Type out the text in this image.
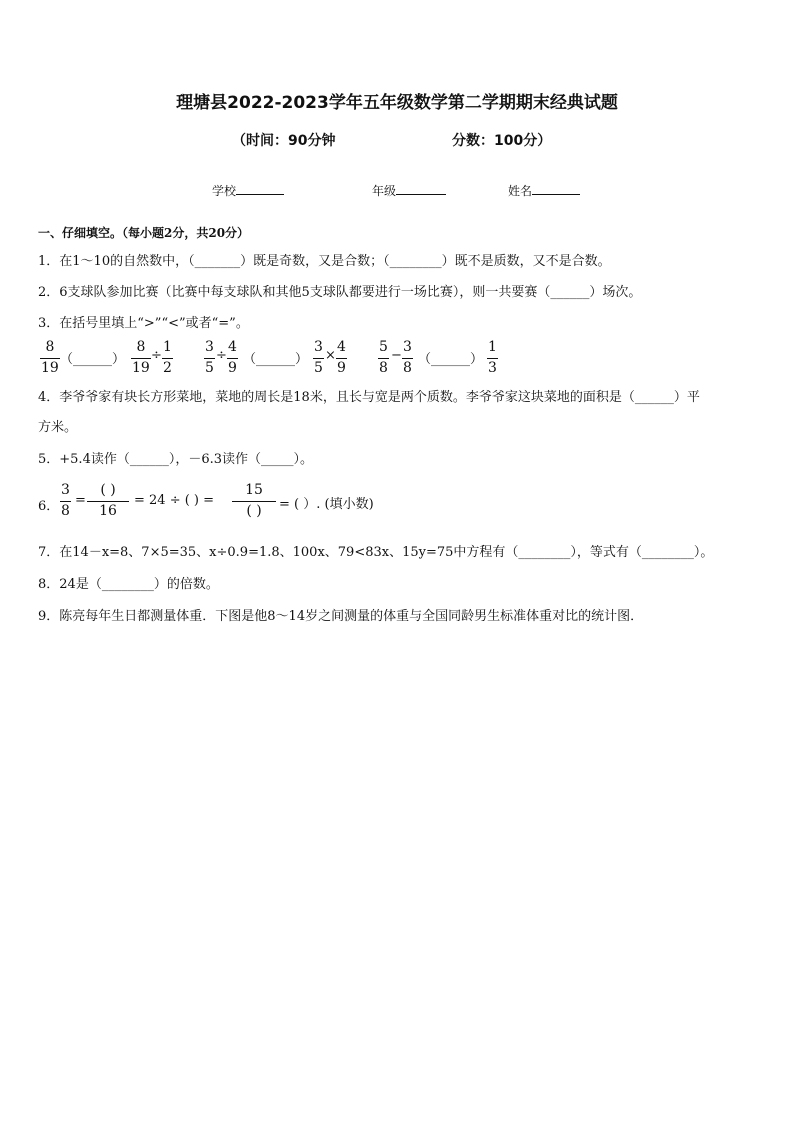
理塘县2022-2023学年五年级数学第二学期期末经典试题
（时间：90分钟	分数：100分）
学校	年级	姓名
一、仔细填空。（每小题2分，共20分）
1．在1～10的自然数中，（_______）既是奇数，又是合数；（________）既不是质数，又不是合数。
2．6支球队参加比赛（比赛中每支球队和其他5支球队都要进行一场比赛），则一共要赛（______）场次。
3．在括号里填上“>”“<”或者“=”。
8
19
（______）
8
19
÷
1
2
3
5
÷
4
9
（______）
3
5
×
4
9
5
8
−
3
8
（______）
1
3
4．李爷爷家有块长方形菜地，菜地的周长是18米，且长与宽是两个质数。李爷爷家这块菜地的面积是（______）平
方米。
5．+5.4读作（______），－6.3读作（_____）。
6．
3
8
=
( )
16
= 24 ÷ ( ) =
15
( ) = ( ）. (填小数)
7．在14－x=8、7×5=35、x÷0.9=1.8、100x、79<83x、15y=75中方程有（________），等式有（________）。
8．24是（________）的倍数。
9．陈亮每年生日都测量体重．下图是他8～14岁之间测量的体重与全国同龄男生标准体重对比的统计图．
